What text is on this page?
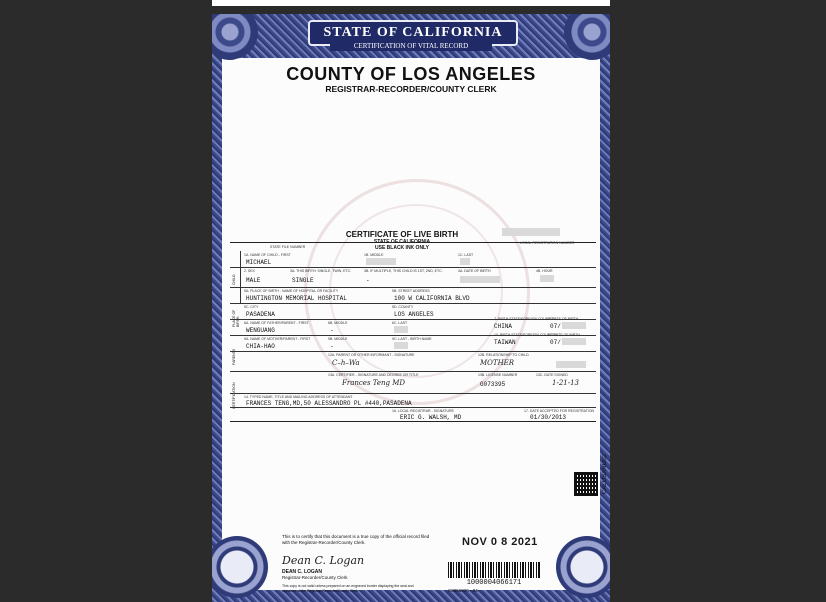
STATE OF CALIFORNIA
CERTIFICATION OF VITAL RECORD
COUNTY OF LOS ANGELES
REGISTRAR-RECORDER/COUNTY CLERK
CERTIFICATE OF LIVE BIRTH
STATE OF CALIFORNIA
USE BLACK INK ONLY
STATE FILE NUMBER
LOCAL REGISTRATION NUMBER
CHILD
1A. NAME OF CHILD - FIRST
MICHAEL
1B. MIDDLE	1C. LAST
2. SEX
MALE
3A. THIS BIRTH: SINGLE, TWIN, ETC.
SINGLE
3B. IF MULTIPLE, THIS CHILD IS 1ST, 2ND, ETC.
-
4A. DATE OF BIRTH	4B. HOUR
PLACE OF BIRTH
5A. PLACE OF BIRTH - NAME OF HOSPITAL OR FACILITY
HUNTINGTON MEMORIAL HOSPITAL
5B. STREET ADDRESS
100 W CALIFORNIA BLVD
5C. CITY
PASADENA
5D. COUNTY
LOS ANGELES
PARENTS
6A. NAME OF FATHER/PARENT - FIRST
WENGUANG
6B. MIDDLE
-
6C. LAST
7. BIRTH STATE/FOREIGN COUNTRY
CHINA
8. DATE OF BIRTH
07/
9A. NAME OF MOTHER/PARENT - FIRST
CHIA-HAO
9B. MIDDLE
-
9C. LAST - BIRTH NAME
10. BIRTH STATE/FOREIGN COUNTRY
TAIWAN
11. DATE OF BIRTH
07/
CERTIFICATION
12A. PARENT OR OTHER INFORMANT - SIGNATURE
C–h–Wa
12B. RELATIONSHIP TO CHILD
MOTHER
13A. CERTIFIER - SIGNATURE AND DEGREE OR TITLE
Frances Teng MD
13B. LICENSE NUMBER
G073395
13C. DATE SIGNED
1-21-13
14. TYPED NAME, TITLE AND MAILING ADDRESS OF ATTENDANT
FRANCES TENG,MD,50 ALESSANDRO PL #440,PASADENA
16. LOCAL REGISTRAR - SIGNATURE
ERIC G. WALSH, MD
17. DATE ACCEPTED FOR REGISTRATION
01/30/2013
CALOSANG02
This is to certify that this document is a true copy of the official record filed with the Registrar-Recorder/County Clerk.
Dean C. Logan
DEAN C. LOGAN
Registrar-Recorder/County Clerk
This copy is not valid unless prepared on an engraved border displaying the seal and signature of the Registrar-Recorder/County Clerk.
NOV 0 8 2021
1000004066171
C0856820 - 04
